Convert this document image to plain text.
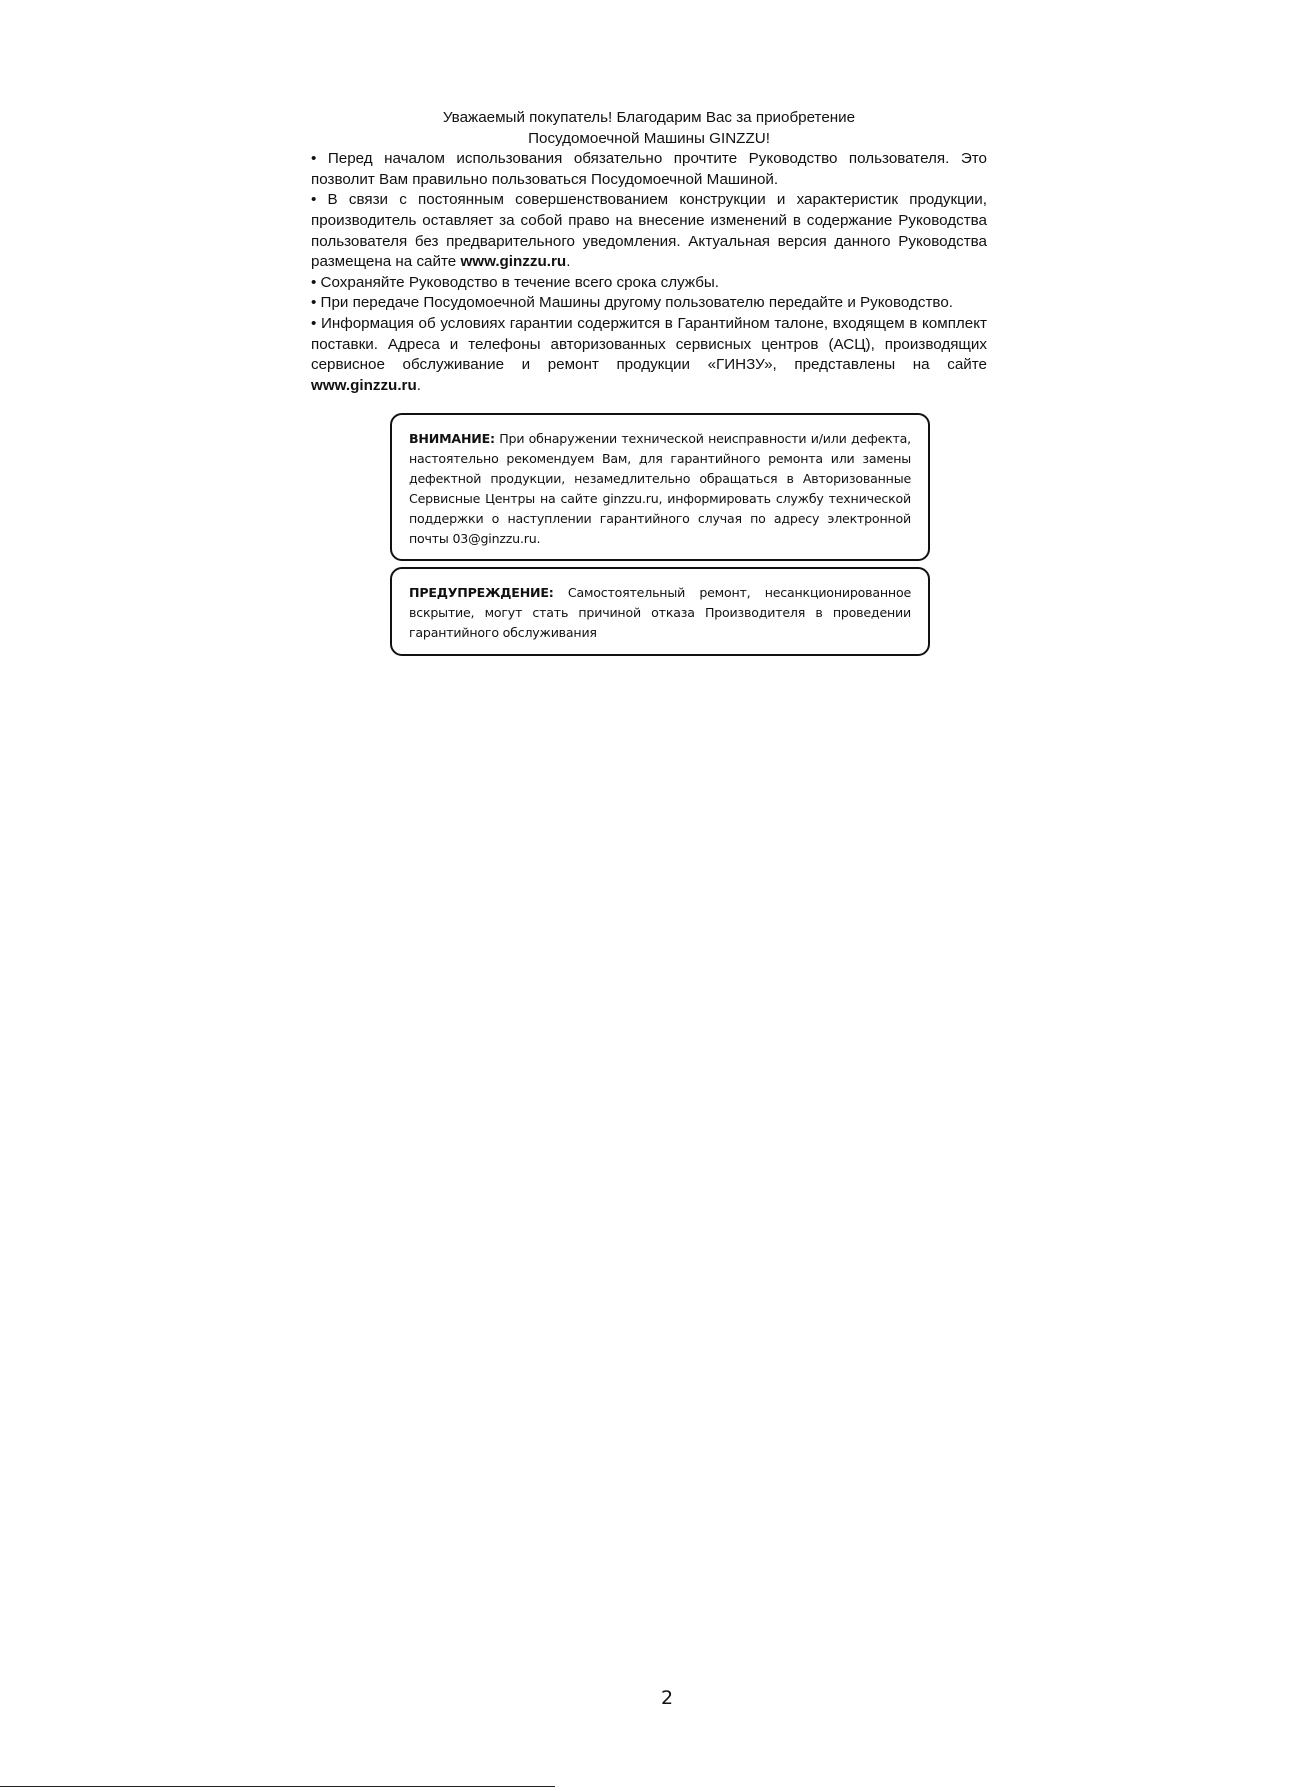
Уважаемый покупатель! Благодарим Вас за приобретение
Посудомоечной Машины GINZZU!

• Перед началом использования обязательно прочтите Руководство пользователя. Это позволит Вам правильно пользоваться Посудомоечной Машиной.

• В связи с постоянным совершенствованием конструкции и характеристик продукции, производитель оставляет за собой право на внесение изменений в содержание Руководства пользователя без предварительного уведомления. Актуальная версия данного Руководства размещена на сайте www.ginzzu.ru.

• Сохраняйте Руководство в течение всего срока службы.

• При передаче Посудомоечной Машины другому пользователю передайте и Руководство.

• Информация об условиях гарантии содержится в Гарантийном талоне, входящем в комплект поставки. Адреса и телефоны авторизованных сервисных центров (АСЦ), производящих сервисное обслуживание и ремонт продукции «ГИНЗУ», представлены на сайте www.ginzzu.ru.

ВНИМАНИЕ: При обнаружении технической неисправности и/или дефекта, настоятельно рекомендуем Вам, для гарантийного ремонта или замены дефектной продукции, незамедлительно обращаться в Авторизованные Сервисные Центры на сайте ginzzu.ru, информировать службу технической поддержки о наступлении гарантийного случая по адресу электронной почты 03@ginzzu.ru.
ПРЕДУПРЕЖДЕНИЕ: Самостоятельный ремонт, несанкционированное вскрытие, могут стать причиной отказа Производителя в проведении гарантийного обслуживания
2
